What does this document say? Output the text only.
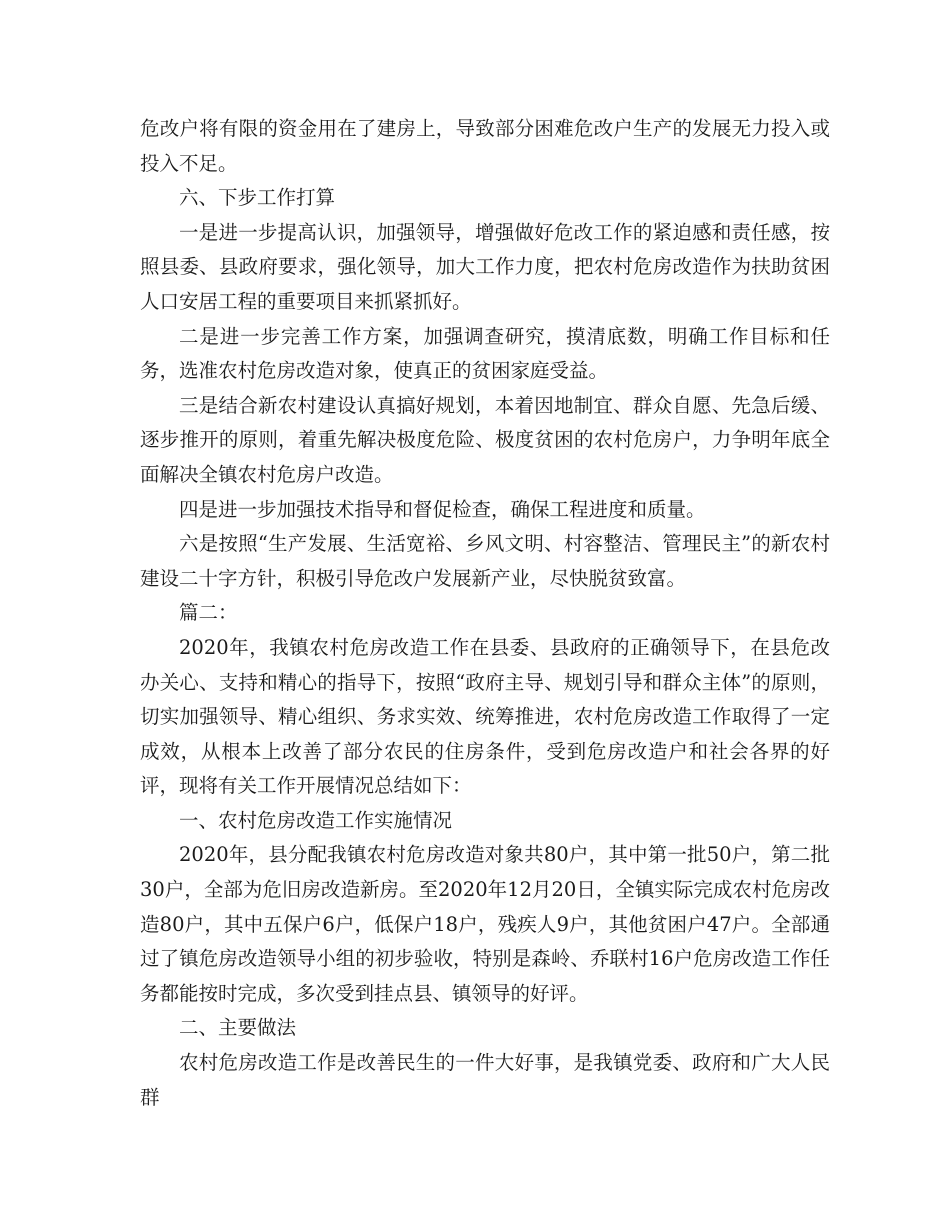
危改户将有限的资金用在了建房上，导致部分困难危改户生产的发展无力投入或投入不足。

六、下步工作打算

一是进一步提高认识，加强领导，增强做好危改工作的紧迫感和责任感，按照县委、县政府要求，强化领导，加大工作力度，把农村危房改造作为扶助贫困人口安居工程的重要项目来抓紧抓好。

二是进一步完善工作方案，加强调查研究，摸清底数，明确工作目标和任务，选准农村危房改造对象，使真正的贫困家庭受益。

三是结合新农村建设认真搞好规划，本着因地制宜、群众自愿、先急后缓、逐步推开的原则，着重先解决极度危险、极度贫困的农村危房户，力争明年底全面解决全镇农村危房户改造。

四是进一步加强技术指导和督促检查，确保工程进度和质量。

六是按照“生产发展、生活宽裕、乡风文明、村容整洁、管理民主”的新农村建设二十字方针，积极引导危改户发展新产业，尽快脱贫致富。

篇二：

2020年，我镇农村危房改造工作在县委、县政府的正确领导下，在县危改办关心、支持和精心的指导下，按照“政府主导、规划引导和群众主体”的原则，切实加强领导、精心组织、务求实效、统筹推进，农村危房改造工作取得了一定成效，从根本上改善了部分农民的住房条件，受到危房改造户和社会各界的好评，现将有关工作开展情况总结如下：

一、农村危房改造工作实施情况

2020年，县分配我镇农村危房改造对象共80户，其中第一批50户，第二批30户，全部为危旧房改造新房。至2020年12月20日，全镇实际完成农村危房改造80户，其中五保户6户，低保户18户，残疾人9户，其他贫困户47户。全部通过了镇危房改造领导小组的初步验收，特别是森岭、乔联村16户危房改造工作任务都能按时完成，多次受到挂点县、镇领导的好评。

二、主要做法

农村危房改造工作是改善民生的一件大好事，是我镇党委、政府和广大人民群
